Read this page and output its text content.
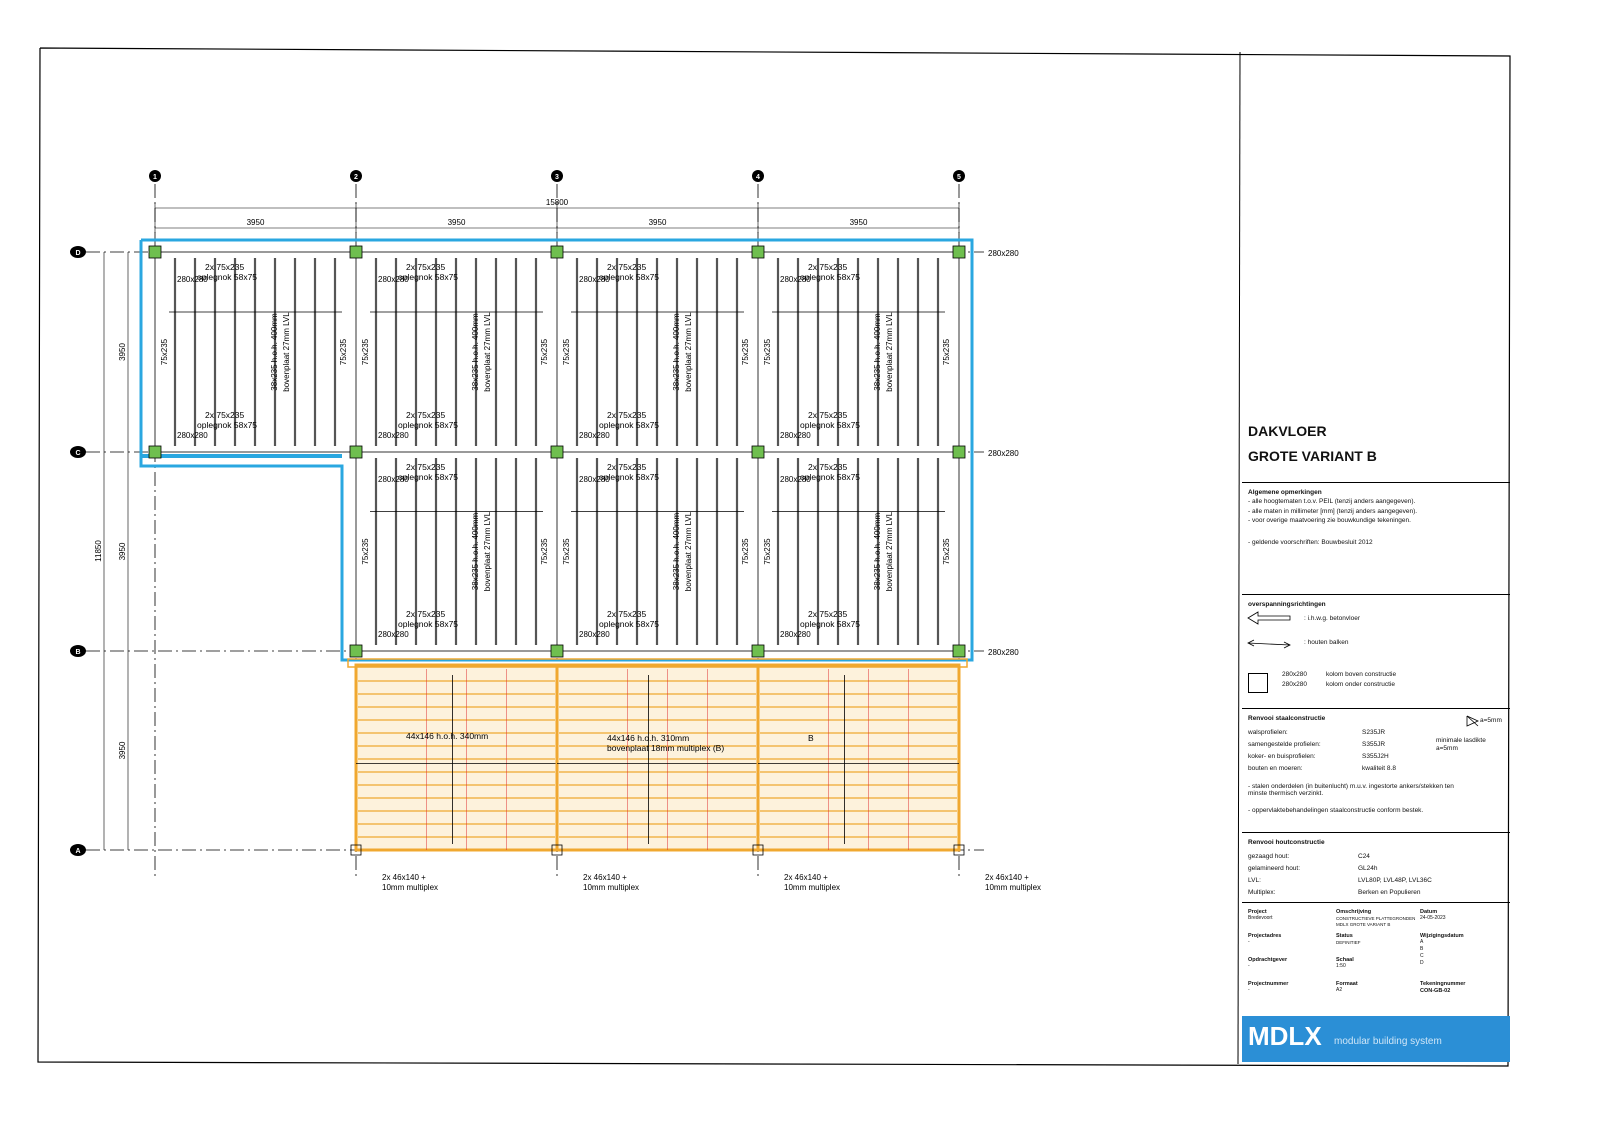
1	2	3	4	5
D
C
B
A
15800
3950	3950	3950	3950
11850
3950
3950
3950
2x 75x235
oplegnok 58x75
2x 75x235
oplegnok 58x75
75x235	75x235
38x235 h.o.h. 400mm bovenplaat 27mm LVL
280x280
280x280
2x 75x235
oplegnok 58x75
2x 75x235
oplegnok 58x75
75x235	75x235
38x235 h.o.h. 400mm bovenplaat 27mm LVL
280x280
280x280
2x 75x235
oplegnok 58x75
2x 75x235
oplegnok 58x75
75x235	75x235
38x235 h.o.h. 400mm bovenplaat 27mm LVL
280x280
280x280
2x 75x235
oplegnok 58x75
2x 75x235
oplegnok 58x75
75x235	75x235
38x235 h.o.h. 400mm bovenplaat 27mm LVL
280x280
280x280
2x 75x235
oplegnok 58x75
2x 75x235
oplegnok 58x75
75x235	75x235
38x235 h.o.h. 400mm bovenplaat 27mm LVL
280x280
280x280
2x 75x235
oplegnok 58x75
2x 75x235
oplegnok 58x75
75x235	75x235
38x235 h.o.h. 400mm bovenplaat 27mm LVL
280x280
280x280
2x 75x235
oplegnok 58x75
2x 75x235
oplegnok 58x75
75x235	75x235
38x235 h.o.h. 400mm bovenplaat 27mm LVL
280x280
280x280
44x146 h.o.h. 340mm	44x146 h.o.h. 310mm
bovenplaat 18mm multiplex (B)
B
280x280
280x280
280x280
2x 46x140 +
10mm multiplex
2x 46x140 +
10mm multiplex
2x 46x140 +
10mm multiplex
2x 46x140 +
10mm multiplex
DAKVLOER
GROTE VARIANT B
Algemene opmerkingen
- alle hoogtematen t.o.v. PEIL (tenzij anders aangegeven).
- alle maten in millimeter [mm] (tenzij anders aangegeven).
- voor overige maatvoering zie bouwkundige tekeningen.
- geldende voorschriften: Bouwbesluit 2012
overspanningsrichtingen
: i.h.w.g. betonvloer
: houten balken
280x280	kolom boven constructie
280x280	kolom onder constructie
Renvooi staalconstructie
walsprofielen:	S235JR
samengestelde profielen:	S355JR
koker- en buisprofielen:	S355J2H
bouten en moeren:	kwaliteit 8.8
a=5mm
minimale lasdikte
a=5mm
- stalen onderdelen (in buitenlucht) m.u.v. ingestorte ankers/stekken ten minste thermisch verzinkt.
- oppervlaktebehandelingen staalconstructie conform bestek.
Renvooi houtconstructie
gezaagd hout:	C24
gelamineerd hout:	GL24h
LVL:	LVL80P, LVL48P, LVL36C
Multiplex:	Berken en Populieren
Project
Bredevoort
Omschrijving
CONSTRUCTIEVE PLATTEGRONDEN
MDLX GROTE VARIANT B
Datum
24-05-2023
Projectadres
-
Status
DEFINITIEF
Wijzigingsdatum
A
B
C
D
Opdrachtgever
-
Schaal
1:50
Projectnummer
-
Formaat
A2
Tekeningnummer
CON-GB-02
MDLX modular building system
